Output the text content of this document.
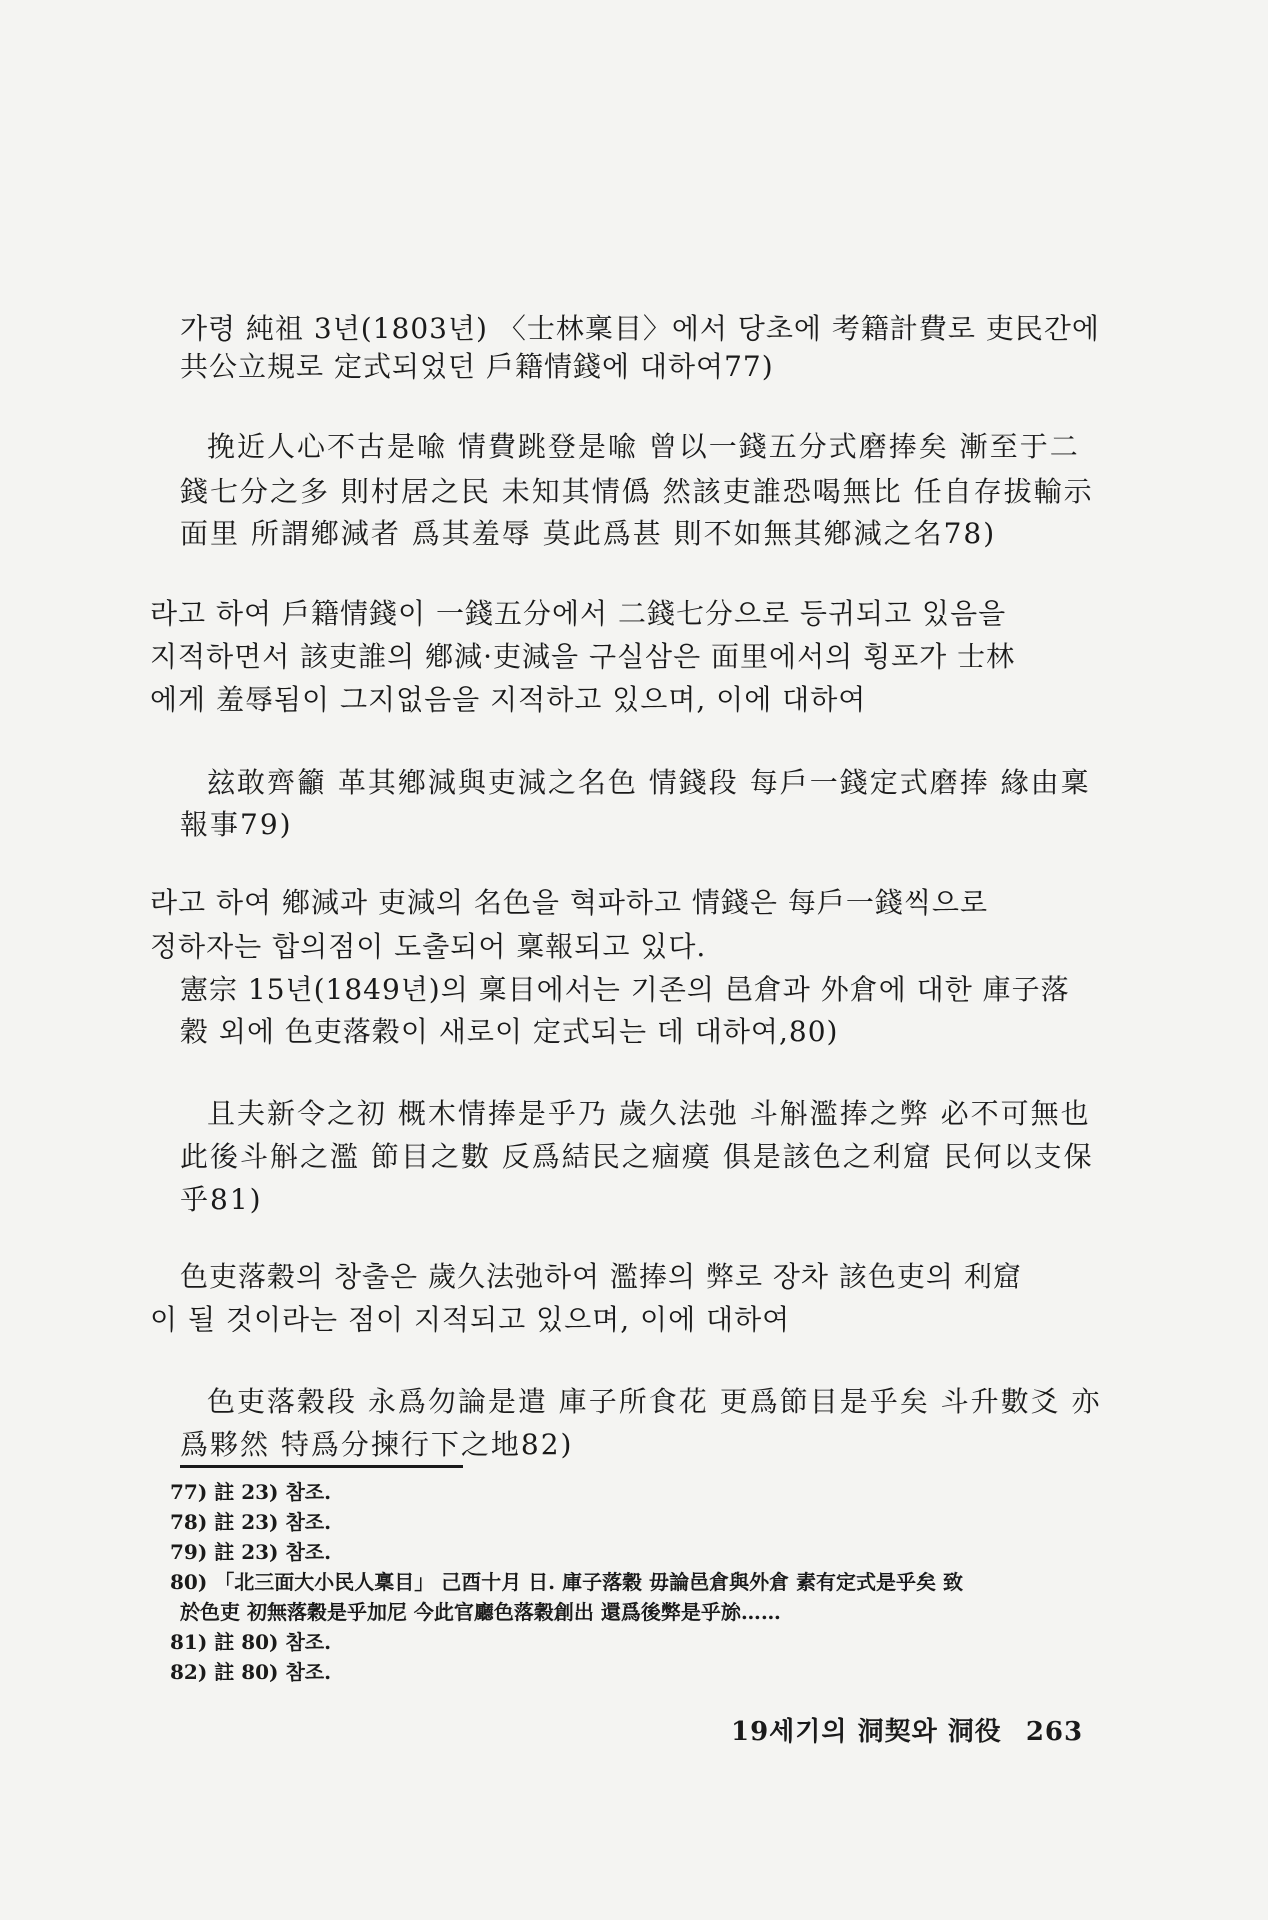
가령 純祖 3년(1803년) 〈士林稟目〉에서 당초에 考籍計費로 吏民간에
共公立規로 定式되었던 戶籍情錢에 대하여77)
挽近人心不古是喩 情費跳登是喩 曾以一錢五分式磨捧矣 漸至于二
錢七分之多 則村居之民 未知其情僞 然該吏誰恐喝無比 任自存拔輸示
面里 所謂鄕減者 爲其羞辱 莫此爲甚 則不如無其鄕減之名78)
라고 하여 戶籍情錢이 一錢五分에서 二錢七分으로 등귀되고 있음을
지적하면서 該吏誰의 鄕減·吏減을 구실삼은 面里에서의 횡포가 士林
에게 羞辱됨이 그지없음을 지적하고 있으며, 이에 대하여
玆敢齊籲 革其鄕減與吏減之名色 情錢段 每戶一錢定式磨捧 緣由稟
報事79)
라고 하여 鄕減과 吏減의 名色을 혁파하고 情錢은 每戶一錢씩으로
정하자는 합의점이 도출되어 稟報되고 있다.
憲宗 15년(1849년)의 稟目에서는 기존의 邑倉과 外倉에 대한 庫子落
穀 외에 色吏落穀이 새로이 定式되는 데 대하여,80)
且夫新令之初 概木情捧是乎乃 歲久法弛 斗斛濫捧之弊 必不可無也
此後斗斛之濫 節目之數 反爲結民之痼瘼 俱是該色之利窟 民何以支保
乎81)
色吏落穀의 창출은 歲久法弛하여 濫捧의 弊로 장차 該色吏의 利窟
이 될 것이라는 점이 지적되고 있으며, 이에 대하여
色吏落穀段 永爲勿論是遣 庫子所食花 更爲節目是乎矣 斗升數爻 亦
爲夥然 特爲分揀行下之地82)
77) 註 23) 참조.
78) 註 23) 참조.
79) 註 23) 참조.
80) 「北三面大小民人稟目」 己酉十月 日. 庫子落穀 毋論邑倉與外倉 素有定式是乎矣 致
於色吏 初無落穀是乎加尼 今此官廳色落穀創出 還爲後弊是乎旀……
81) 註 80) 참조.
82) 註 80) 참조.
19세기의 洞契와 洞役 263
